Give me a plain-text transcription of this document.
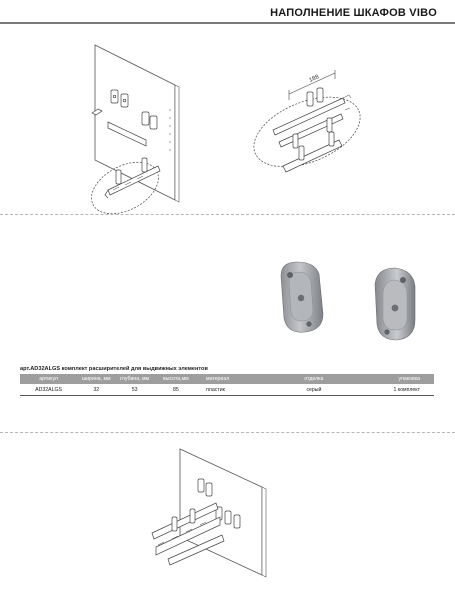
НАПОЛНЕНИЕ ШКАФОВ VIBO
188
арт.AD32ALGS комплект расширителей для выдвижных элементов
артикул	ширина, мм	глубина, мм	высота,мм	материал	отделка	упаковка
AD32ALGS	32	53	85	пластик	серый	1 комплект
